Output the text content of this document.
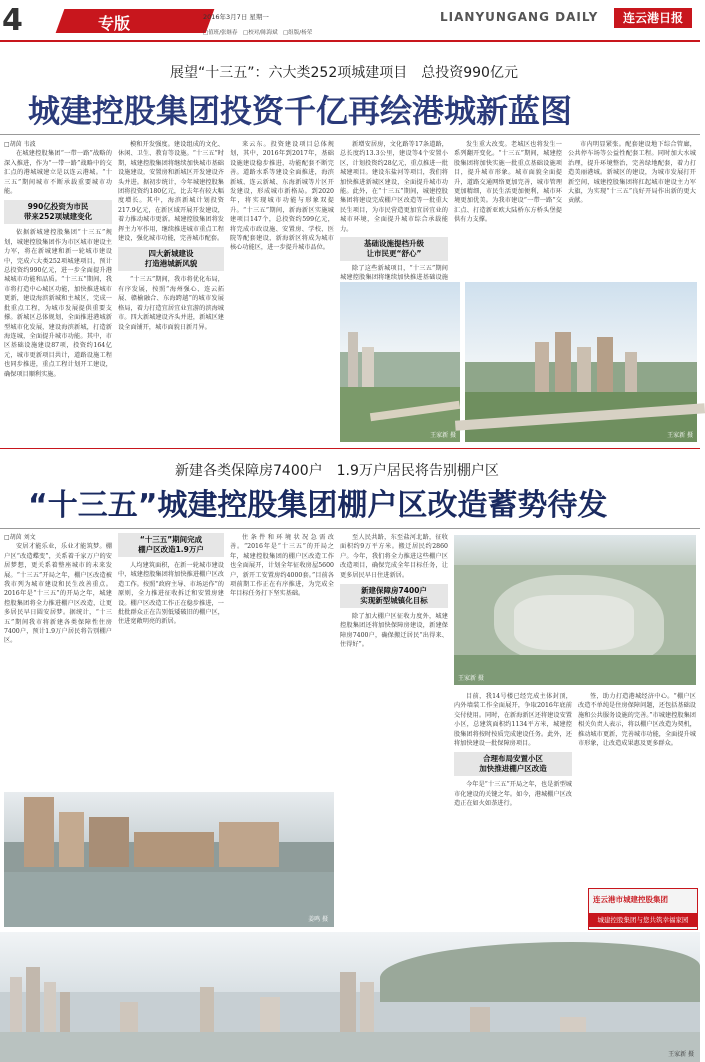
4	专版	2016年3月7日 星期一
□值班/张继春　□校对/陈海斌　□组版/杨荣
LIANYUNGANG DAILY	连云港日报
展望“十三五”：六大类252项城建项目　总投资990亿元
城建控股集团投资千亿再绘港城新蓝图
□胡茵 韦波
在城建控股集团“一带一路”战略的深入推进，作为“一带一路”战略中的交汇点的港城城建立是以连云港城。“十三五”期间城市不断承载重要城市功能。
990亿投资为市民
带来252项城建变化
依据新城建控股集团“十三五”规划，城建控股集团作为市区城市建设主力军，将在新城建和新一轮城市建设中，完成六大类252项城建项目，预计总投资约990亿元，进一步全面提升港城城市功能和品质。“十三五”期间，我市将打造中心城区功能，加快推进城市更新，建设海滨新城和主城区，完成一批重点工程，为城市发展提供重要支撑。新城区总体规划，全面推进港城新型城市化发展，建设海滨新城，打造新海连城，全面提升城市功能。其中，市区基础设施建设87项，投资约164亿元，城市更新项目共计，道路设施工程也同步推进，重点工程计划开工建设，确保项目顺利实施。
模和开发强度。建设组成的文化、休闲、卫生、教育等设施。“十三五”时期，城建控股集团将继续加快城市基础设施建设，安置房和新城区开发建设齐头并进。据初步统计，今年城建控股集团将投资约180亿元，比去年有较大幅度增长。其中，海滨新城计划投资217.9亿元，在新区域开展开发建设，着力推动城市更新。城建控股集团将发挥主力军作用，继续推进城市重点工程建设，强化城市功能，完善城市配套。
四大新城建设
打造港城新风貌
“十三五”期间，我市将优化布局，有序发展，按照“海州强心、连云拓展、赣榆融合、东海跨越”的城市发展格局，着力打造宜居宜业宜游的滨海城市。四大新城建设齐头并进，新城区建设全面铺开，城市面貌日新月异。
来云东。投资建设项目总体规划，其中，2016年到2017年，基础设施建设稳步推进，功能配套不断完善。道路水系等建设全面推进，海滨新城、连云新城、东海新城等片区开发建设，形成城市新格局。到2020年，将实现城市功能与形象双提升。“十三五”期间，新海新区实施城建项目147个，总投资约599亿元，将完成市政设施、安置房、学校、医院等配套建设，新海新区将成为城市核心功能区，进一步提升城市品位。
新增安居房，文化路等17条道路，总长度约13.3公里，建设等4个安置小区，计划投资约28亿元，重点推进一批城建项目。建设东盐河等项目，我们将加快推进新城区建设，全面提升城市功能。此外，在“十三五”期间，城建控股集团将建设完成棚户区改造等一批重大民生项目，为市民营造更加宜居宜业的城市环境，全面提升城市综合承载能力。
基础设施提档升级
让市民更“舒心”
除了这些新城项目，“十三五”期间城建控股集团将继续加快推进基础设施
发生重大改变。老城区也将发生一系列翻开变化。“十三五”期间，城建控股集团将加快实施一批重点基础设施项目，提升城市形象。城市面貌全面提升，道路交通网络更加完善，城市管理更加精细，市民生活更加便利，城市环境更加优美。为我市建设“一带一路”交汇点、打造新亚欧大陆桥东方桥头堡提供有力支撑。
市内明显紧张。配套建设地下综合管廊，公共停车场等公益性配套工程。同时加大水城治理，提升环境整治，完善绿地配套，着力打造美丽港城。新城区的建设，为城市发展打开新空间，城建控股集团将扛起城市建设主力军大旗，为实现“十三五”良好开局作出新的更大贡献。
王家新 摄	王家新 摄
新建各类保障房7400户　1.9万户居民将告别棚户区
“十三五”城建控股集团棚户区改造蓄势待发
□胡茵 刘文
安居才能乐业，乐业才能筑梦。棚户区“改造蝶变”，关系着千家万户的安居梦想，更关系着整座城市的未来发展。“十三五”开局之年，棚户区改造被我市列为城市建设和民生改善重点。2016年是“十三五”的开局之年，城建控股集团将全力推进棚户区改造，让更多居民早日圆安居梦。据统计，“十三五”期间我市将新建各类保障性住房7400户，预计1.9万户居民将告别棚户区。
“十三五”期间完成
棚户区改造1.9万户
人均建筑面积，在新一轮城市建设中，城建控股集团将加快推进棚户区改造工作。按照“政府主导、市场运作”的原则，全力推进征收拆迁和安置房建设。棚户区改造工作正在稳步推进，一批批群众正在告别低矮破旧的棚户区，住进宽敞明亮的新居。
住条件和环境状况急需改善。“2016年是“十三五”的开局之年，城建控股集团的棚户区改造工作也全面展开，计划全年征收房屋5600户，新开工安置房约4000套。”目前各项前期工作正在有序推进，为完成全年目标任务打下坚实基础。
至人民共路，东至盐河北路，征收面积约9万平方米。搬迁居民约2860户。今年，我们将全力推进这些棚户区改造项目，确保完成全年目标任务，让更多居民早日住进新居。
新建保障房7400户
实现新型城镇化目标
除了加大棚户区征收力度外，城建控股集团还将加快保障房建设，新建保障房7400户，确保搬迁居民“出得来、住得好”。
王家新 摄
目前，我14号楼已经完成主体封顶，内外墙装工作全面展开，争取2016年底前交付使用。同时，在新海新区还将建设安置小区，总建筑面积约1134平方米，城建控股集团将按时按质完成建设任务。此外，还将加快建设一批保障房项目。
合理布局安置小区
加快推进棚户区改造
今年是“十三五”开局之年，也是新型城市化建设的关键之年。如今，港城棚户区改造正在如火如荼进行。
签，助力打造港城经济中心。“棚户区改造不单纯是住房保障问题，还包括基础设施和公共服务设施的完善。”市城建控股集团相关负责人表示，将以棚户区改造为契机，推动城市更新，完善城市功能，全面提升城市形象，让改造成果惠及更多群众。
连云港市城建控股集团
城建控股集团与您共筑幸福家园
姜鸣 摄
王家新 摄
